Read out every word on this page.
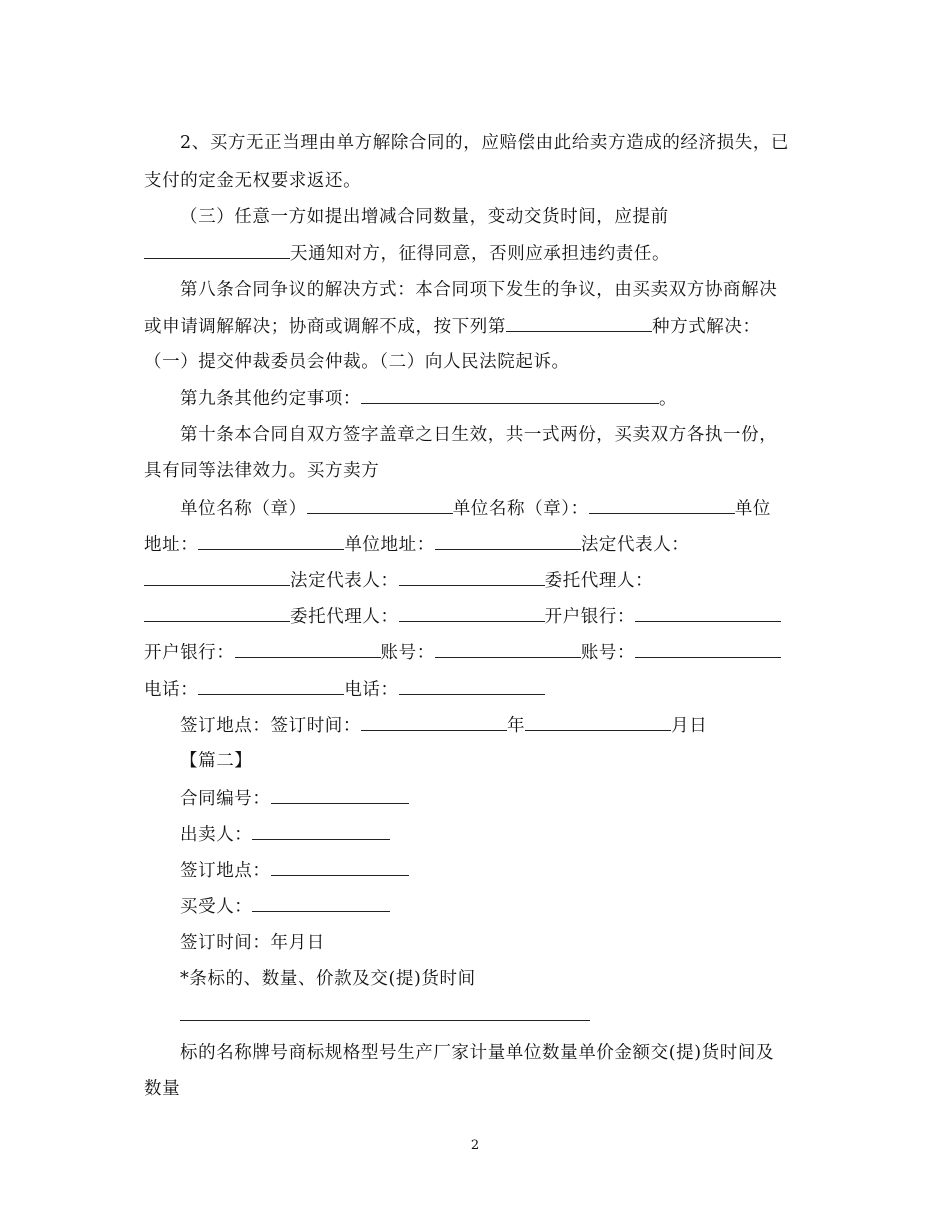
2、买方无正当理由单方解除合同的，应赔偿由此给卖方造成的经济损失，已
支付的定金无权要求返还。
（三）任意一方如提出增减合同数量，变动交货时间，应提前
天通知对方，征得同意，否则应承担违约责任。
第八条合同争议的解决方式：本合同项下发生的争议，由买卖双方协商解决
或申请调解解决；协商或调解不成，按下列第	种方式解决：
（一）提交仲裁委员会仲裁。（二）向人民法院起诉。
第九条其他约定事项：	。
第十条本合同自双方签字盖章之日生效，共一式两份，买卖双方各执一份，
具有同等法律效力。买方卖方
单位名称（章）	单位名称（章）：	单位
地址：	单位地址：	法定代表人：
法定代表人：	委托代理人：
委托代理人：	开户银行：
开户银行：	账号：	账号：
电话：	电话：
签订地点：签订时间：	年	月日
【篇二】
合同编号：
出卖人：
签订地点：
买受人：
签订时间：年月日
*条标的、数量、价款及交(提)货时间
标的名称牌号商标规格型号生产厂家计量单位数量单价金额交(提)货时间及
数量
2
